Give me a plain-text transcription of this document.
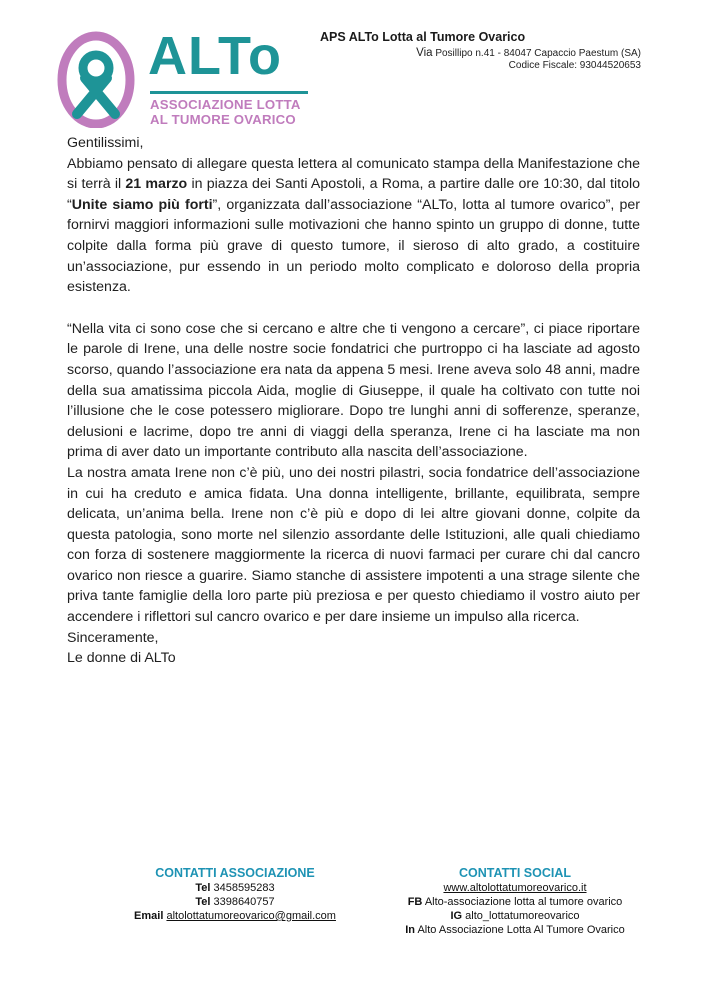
ALTo
ASSOCIAZIONE LOTTA
AL TUMORE OVARICO
APS ALTo Lotta al Tumore Ovarico
Via Posillipo n.41 - 84047 Capaccio Paestum (SA)
Codice Fiscale: 93044520653

Gentilissimi,

Abbiamo pensato di allegare questa lettera al comunicato stampa della Manifestazione che si terrà il 21 marzo in piazza dei Santi Apostoli, a Roma, a partire dalle ore 10:30, dal titolo “Unite siamo più forti”, organizzata dall’associazione “ALTo, lotta al tumore ovarico”, per fornirvi maggiori informazioni sulle motivazioni che hanno spinto un gruppo di donne, tutte colpite dalla forma più grave di questo tumore, il sieroso di alto grado, a costituire un’associazione, pur essendo in un periodo molto complicato e doloroso della propria esistenza.

“Nella vita ci sono cose che si cercano e altre che ti vengono a cercare”, ci piace riportare le parole di Irene, una delle nostre socie fondatrici che purtroppo ci ha lasciate ad agosto scorso, quando l’associazione era nata da appena 5 mesi. Irene aveva solo 48 anni, madre della sua amatissima piccola Aida, moglie di Giuseppe, il quale ha coltivato con tutte noi l’illusione che le cose potessero migliorare. Dopo tre lunghi anni di sofferenze, speranze, delusioni e lacrime, dopo tre anni di viaggi della speranza, Irene ci ha lasciate ma non prima di aver dato un importante contributo alla nascita dell’associazione.

La nostra amata Irene non c’è più, uno dei nostri pilastri, socia fondatrice dell’associazione in cui ha creduto e amica fidata. Una donna intelligente, brillante, equilibrata, sempre delicata, un’anima bella. Irene non c’è più e dopo di lei altre giovani donne, colpite da questa patologia, sono morte nel silenzio assordante delle Istituzioni, alle quali chiediamo con forza di sostenere maggiormente la ricerca di nuovi farmaci per curare chi dal cancro ovarico non riesce a guarire. Siamo stanche di assistere impotenti a una strage silente che priva tante famiglie della loro parte più preziosa e per questo chiediamo il vostro aiuto per accendere i riflettori sul cancro ovarico e per dare insieme un impulso alla ricerca.

Sinceramente,

Le donne di ALTo

CONTATTI ASSOCIAZIONE
Tel 3458595283
Tel 3398640757
Email altolottatumoreovarico@gmail.com
CONTATTI SOCIAL
www.altolottatumoreovarico.it
FB Alto-associazione lotta al tumore ovarico
IG alto_lottatumoreovarico
In Alto Associazione Lotta Al Tumore Ovarico
